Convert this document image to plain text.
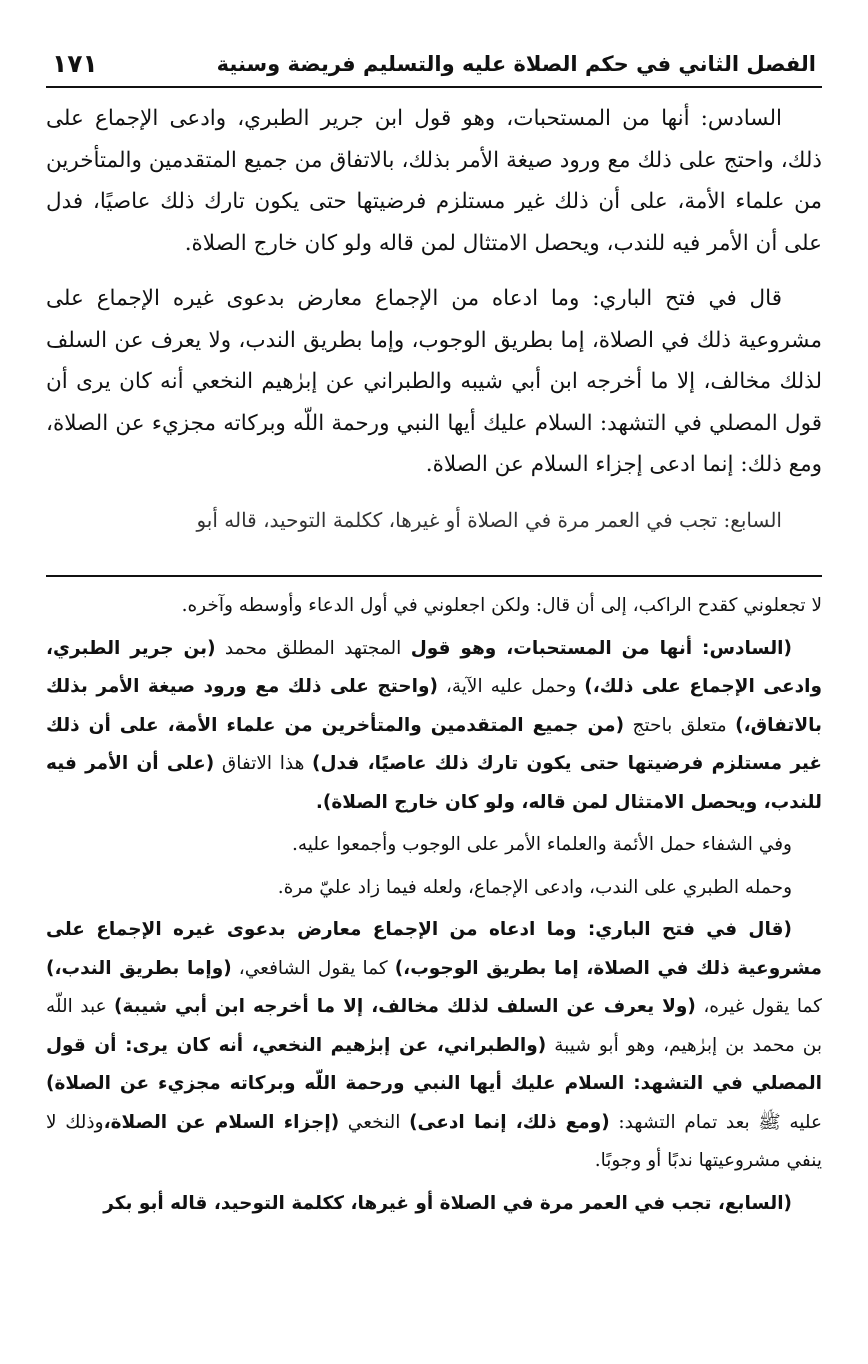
الفصل الثاني في حكم الصلاة عليه والتسليم فريضة وسنية
١٧١

السادس: أنها من المستحبات، وهو قول ابن جرير الطبري، وادعى الإجماع على ذلك، واحتج على ذلك مع ورود صيغة الأمر بذلك، بالاتفاق من جميع المتقدمين والمتأخرين من علماء الأمة، على أن ذلك غير مستلزم فرضيتها حتى يكون تارك ذلك عاصيًا، فدل على أن الأمر فيه للندب، ويحصل الامتثال لمن قاله ولو كان خارج الصلاة.

قال في فتح الباري: وما ادعاه من الإجماع معارض بدعوى غيره الإجماع على مشروعية ذلك في الصلاة، إما بطريق الوجوب، وإما بطريق الندب، ولا يعرف عن السلف لذلك مخالف، إلا ما أخرجه ابن أبي شيبه والطبراني عن إبرٰهيم النخعي أنه كان يرى أن قول المصلي في التشهد: السلام عليك أيها النبي ورحمة اللّه وبركاته مجزيء عن الصلاة، ومع ذلك: إنما ادعى إجزاء السلام عن الصلاة.

السابع: تجب في العمر مرة في الصلاة أو غيرها، ككلمة التوحيد، قاله أبو

لا تجعلوني كقدح الراكب، إلى أن قال: ولكن اجعلوني في أول الدعاء وأوسطه وآخره.

(السادس: أنها من المستحبات، وهو قول المجتهد المطلق محمد (بن جرير الطبري، وادعى الإجماع على ذلك،) وحمل عليه الآية، (واحتج على ذلك مع ورود صيغة الأمر بذلك بالاتفاق،) متعلق باحتج (من جميع المتقدمين والمتأخرين من علماء الأمة، على أن ذلك غير مستلزم فرضيتها حتى يكون تارك ذلك عاصيًا، فدل) هذا الاتفاق (على أن الأمر فيه للندب، ويحصل الامتثال لمن قاله، ولو كان خارج الصلاة).

وفي الشفاء حمل الأئمة والعلماء الأمر على الوجوب وأجمعوا عليه.

وحمله الطبري على الندب، وادعى الإجماع، ولعله فيما زاد عليّ مرة.

(قال في فتح الباري: وما ادعاه من الإجماع معارض بدعوى غيره الإجماع على مشروعية ذلك في الصلاة، إما بطريق الوجوب،) كما يقول الشافعي، (وإما بطريق الندب،) كما يقول غيره، (ولا يعرف عن السلف لذلك مخالف، إلا ما أخرجه ابن أبي شيبة) عبد اللّه بن محمد بن إبرٰهيم، وهو أبو شيبة (والطبراني، عن إبرٰهيم النخعي، أنه كان يرى: أن قول المصلي في التشهد: السلام عليك أيها النبي ورحمة اللّه وبركاته مجزيء عن الصلاة) عليه ﷺ بعد تمام التشهد: (ومع ذلك، إنما ادعى) النخعي (إجزاء السلام عن الصلاة،وذلك لا ينفي مشروعيتها ندبًا أو وجوبًا.

(السابع، تجب في العمر مرة في الصلاة أو غيرها، ككلمة التوحيد، قاله أبو بكر
